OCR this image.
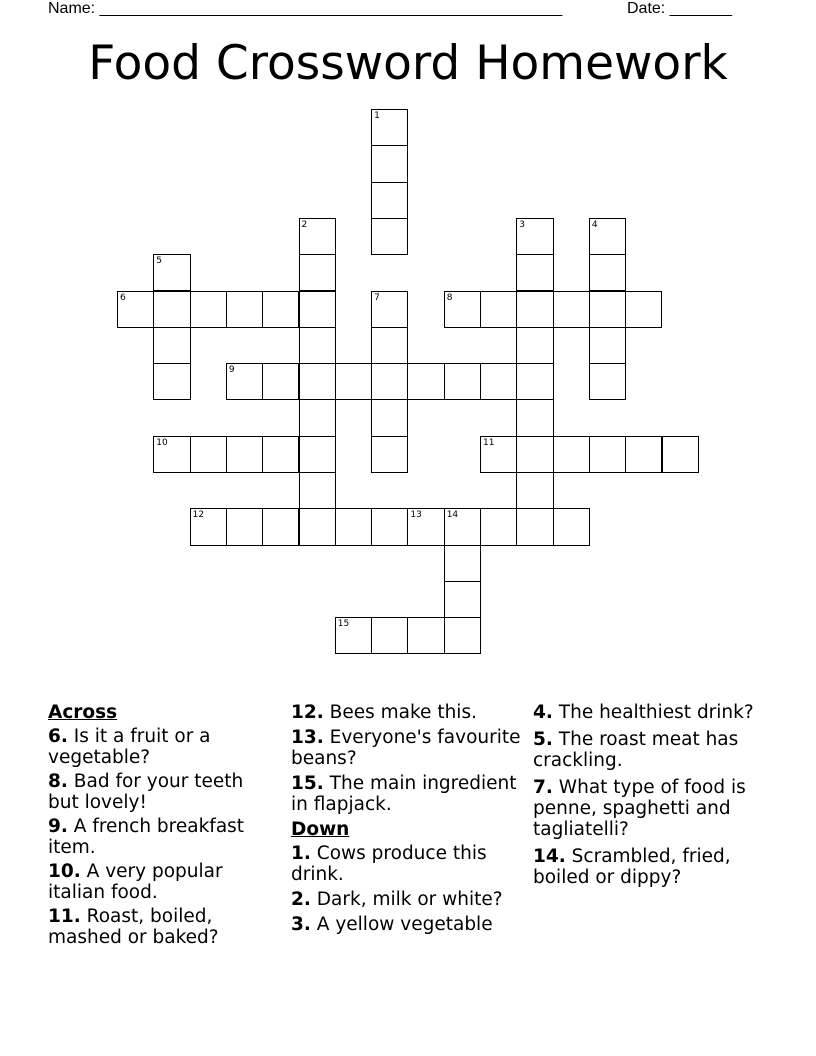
Name: ____________________________________________________	Date: _______
Food Crossword Homework
1
2	3	4
5
7
6	8
9
10	11
12	13	14
15
Across
6. Is it a fruit or a vegetable?
8. Bad for your teeth but lovely!
9. A french breakfast item.
10. A very popular italian food.
11. Roast, boiled, mashed or baked?
12. Bees make this.
13. Everyone's favourite beans?
15. The main ingredient in flapjack.
Down
1. Cows produce this drink.
2. Dark, milk or white?
3. A yellow vegetable
4. The healthiest drink?
5. The roast meat has crackling.
7. What type of food is penne, spaghetti and tagliatelli?
14. Scrambled, fried, boiled or dippy?
